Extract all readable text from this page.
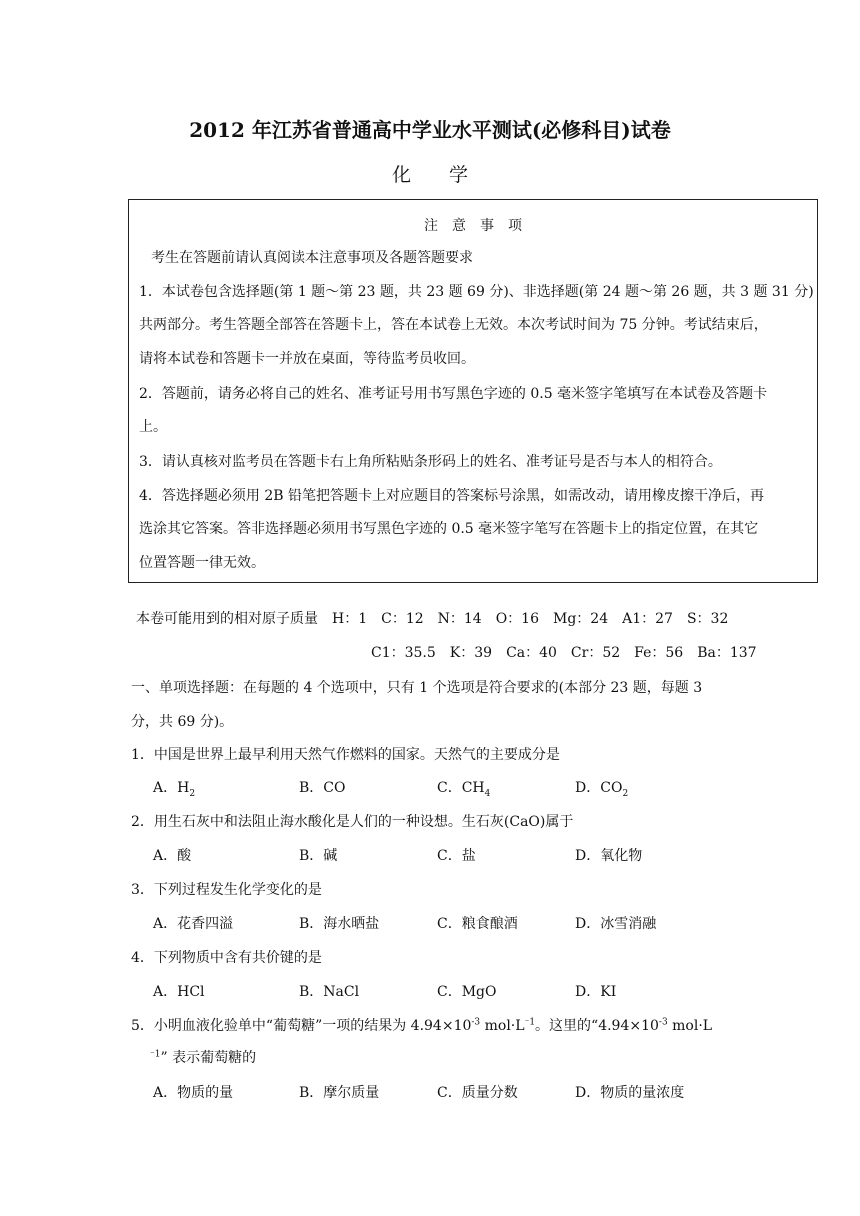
2012 年江苏省普通高中学业水平测试(必修科目)试卷
化　　学
注　意　事　项
考生在答题前请认真阅读本注意事项及各题答题要求
1．本试卷包含选择题(第 1 题～第 23 题，共 23 题 69 分)、非选择题(第 24 题～第 26 题，共 3 题 31 分)
共两部分。考生答题全部答在答题卡上，答在本试卷上无效。本次考试时间为 75 分钟。考试结束后，
请将本试卷和答题卡一并放在桌面，等待监考员收回。
2．答题前，请务必将自己的姓名、准考证号用书写黑色字迹的 0.5 毫米签字笔填写在本试卷及答题卡
上。
3．请认真核对监考员在答题卡右上角所粘贴条形码上的姓名、准考证号是否与本人的相符合。
4．答选择题必须用 2B 铅笔把答题卡上对应题目的答案标号涂黑，如需改动，请用橡皮擦干净后，再
选涂其它答案。答非选择题必须用书写黑色字迹的 0.5 毫米签字笔写在答题卡上的指定位置，在其它
位置答题一律无效。
本卷可能用到的相对原子质量　H：1　C：12　N：14　O：16　Mg：24　A1：27　S：32
C1：35.5　K：39　Ca：40　Cr：52　Fe：56　Ba：137
一、单项选择题：在每题的 4 个选项中，只有 1 个选项是符合要求的(本部分 23 题，每题 3
分，共 69 分)。
1．中国是世界上最早利用天然气作燃料的国家。天然气的主要成分是
A．$H_2$	B．CO	C．$CH_4$	D．$CO_2$
2．用生石灰中和法阻止海水酸化是人们的一种设想。生石灰(CaO)属于
A．酸	B．碱	C．盐	D．氧化物
3．下列过程发生化学变化的是
A．花香四溢	B．海水晒盐	C．粮食酿酒	D．冰雪消融
4．下列物质中含有共价键的是
A．HCl	B．NaCl	C．MgO	D．KI
5．小明血液化验单中“葡萄糖”一项的结果为 $4.94\times 10^{-3}$ $mol\cdot L^{^-1}$。这里的“$4.94\times 10^{-3}$ mol·L
$^{^-1}$” 表示葡萄糖的
A．物质的量	B．摩尔质量	C．质量分数	D．物质的量浓度
